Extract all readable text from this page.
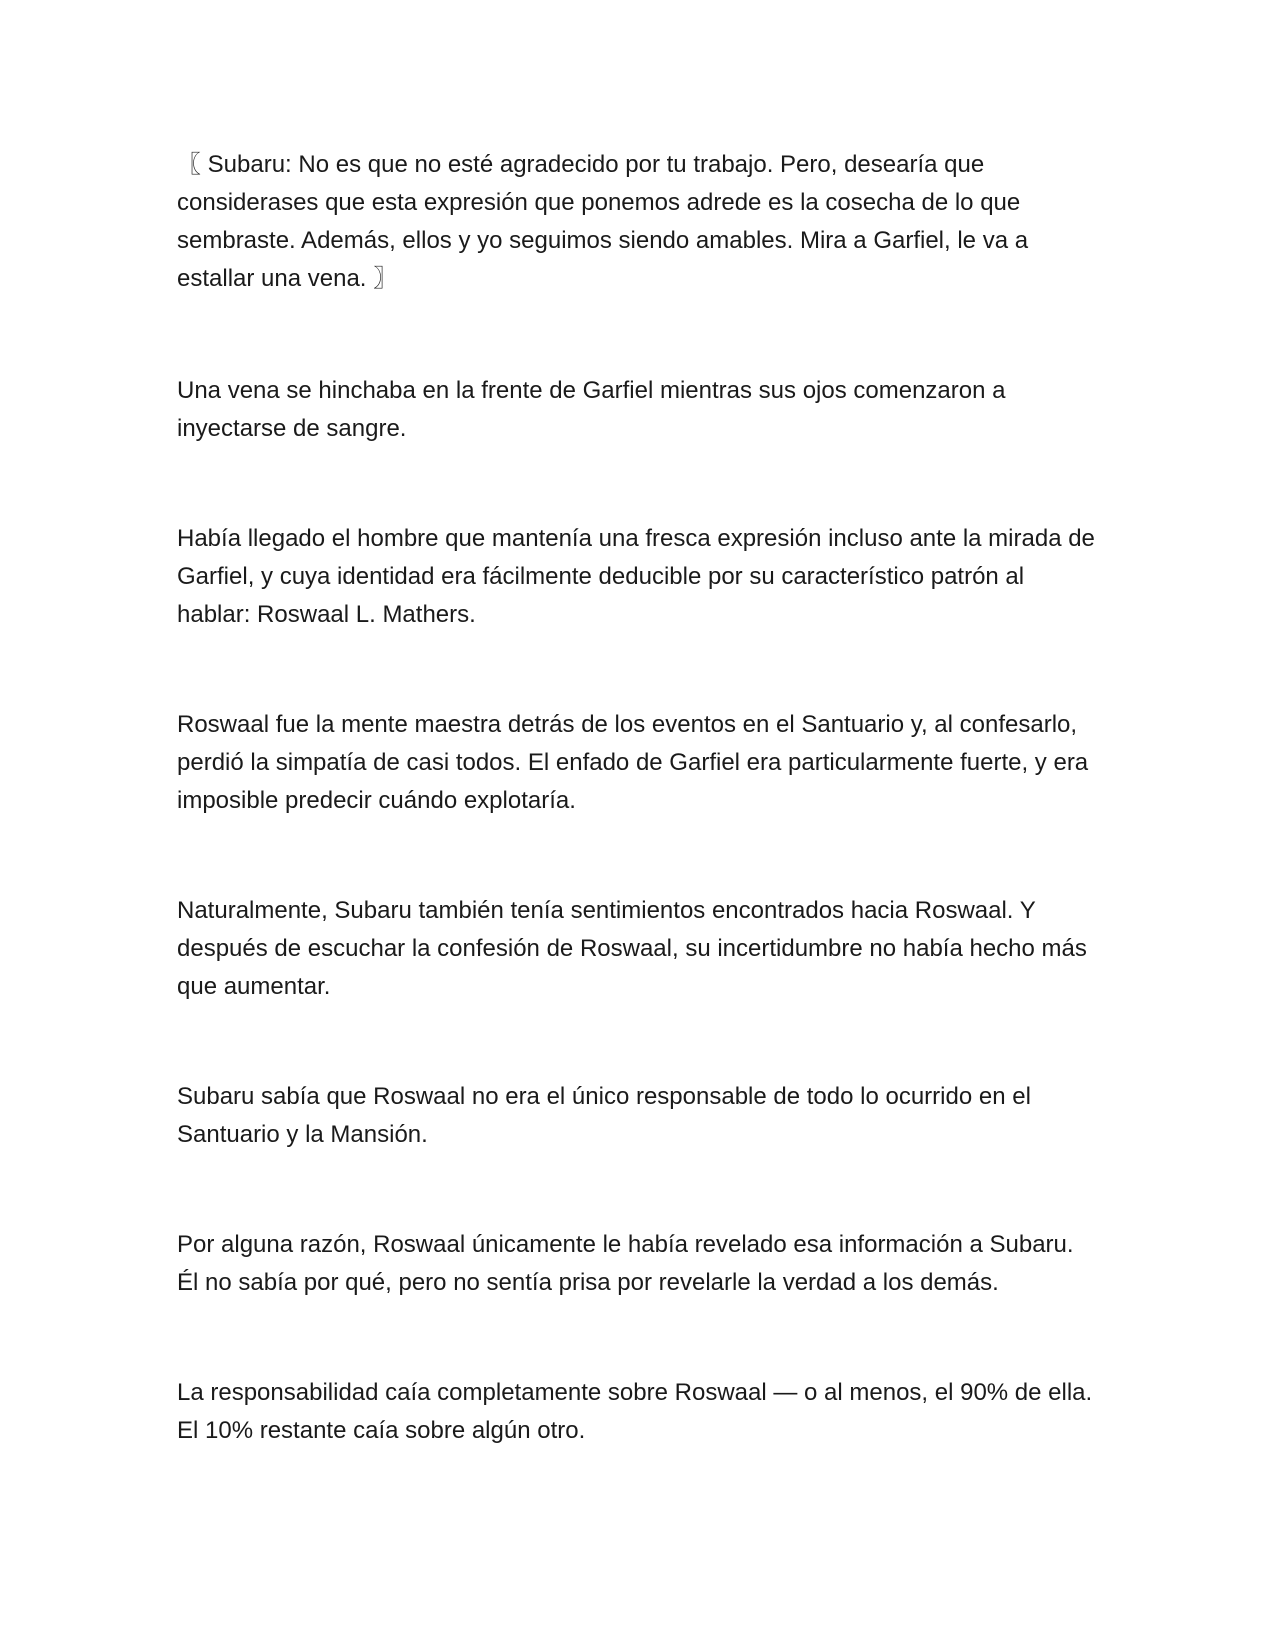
〖 Subaru: No es que no esté agradecido por tu trabajo. Pero, desearía que considerases que esta expresión que ponemos adrede es la cosecha de lo que sembraste. Además, ellos y yo seguimos siendo amables. Mira a Garfiel, le va a estallar una vena. 〗

Una vena se hinchaba en la frente de Garfiel mientras sus ojos comenzaron a inyectarse de sangre.

Había llegado el hombre que mantenía una fresca expresión incluso ante la mirada de Garfiel, y cuya identidad era fácilmente deducible por su característico patrón al hablar: Roswaal L. Mathers.

Roswaal fue la mente maestra detrás de los eventos en el Santuario y, al confesarlo, perdió la simpatía de casi todos. El enfado de Garfiel era particularmente fuerte, y era imposible predecir cuándo explotaría.

Naturalmente, Subaru también tenía sentimientos encontrados hacia Roswaal. Y después de escuchar la confesión de Roswaal, su incertidumbre no había hecho más que aumentar.

Subaru sabía que Roswaal no era el único responsable de todo lo ocurrido en el Santuario y la Mansión.

Por alguna razón, Roswaal únicamente le había revelado esa información a Subaru. Él no sabía por qué, pero no sentía prisa por revelarle la verdad a los demás.

La responsabilidad caía completamente sobre Roswaal — o al menos, el 90% de ella. El 10% restante caía sobre algún otro.
